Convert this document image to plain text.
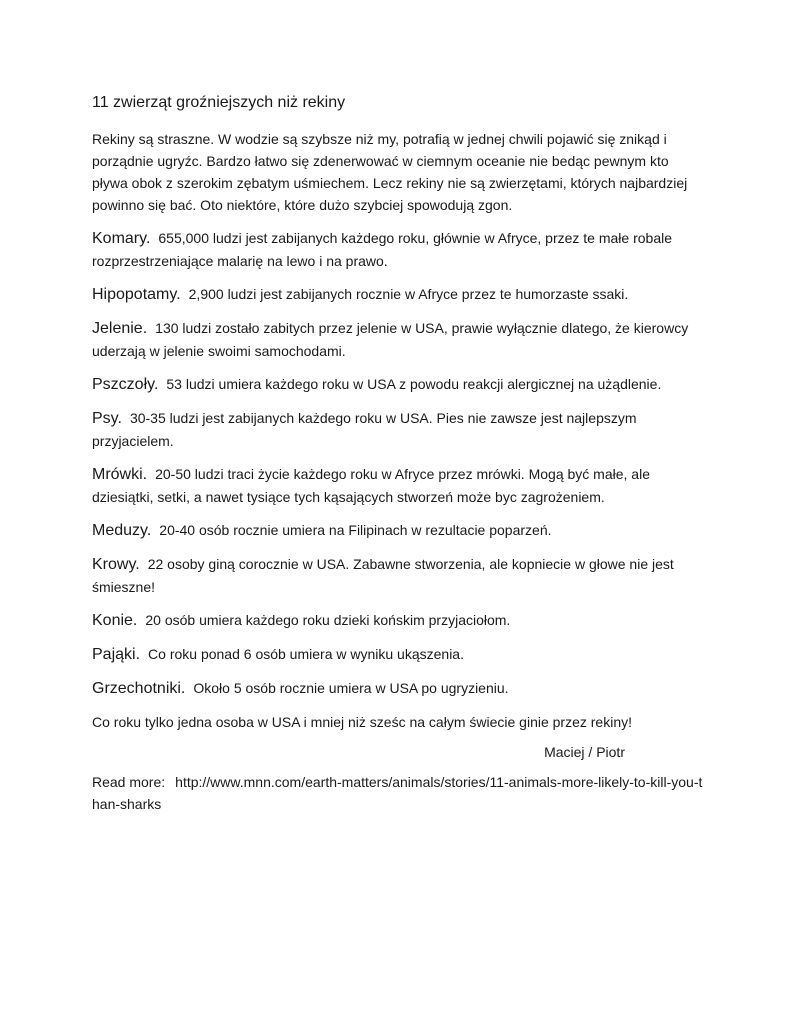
11 zwierząt groźniejszych niż rekiny

Rekiny są straszne. W wodzie są szybsze niż my, potrafią w jednej chwili pojawić się znikąd i porządnie ugryźc. Bardzo łatwo się zdenerwować w ciemnym oceanie nie bedąc pewnym kto pływa obok z szerokim zębatym uśmiechem. Lecz rekiny nie są zwierzętami, których najbardziej powinno się bać. Oto niektóre, które dużo szybciej spowodują zgon.

Komary. 655,000 ludzi jest zabijanych każdego roku, głównie w Afryce, przez te małe robale rozprzestrzeniające malarię na lewo i na prawo.

Hipopotamy. 2,900 ludzi jest zabijanych rocznie w Afryce przez te humorzaste ssaki.

Jelenie. 130 ludzi zostało zabitych przez jelenie w USA, prawie wyłącznie dlatego, że kierowcy uderzają w jelenie swoimi samochodami.

Pszczoły. 53 ludzi umiera każdego roku w USA z powodu reakcji alergicznej na użądlenie.

Psy. 30-35 ludzi jest zabijanych każdego roku w USA. Pies nie zawsze jest najlepszym przyjacielem.

Mrówki. 20-50 ludzi traci życie każdego roku w Afryce przez mrówki. Mogą być małe, ale dziesiątki, setki, a nawet tysiące tych kąsających stworzeń może byc zagrożeniem.

Meduzy. 20-40 osób rocznie umiera na Filipinach w rezultacie poparzeń.

Krowy. 22 osoby giną corocznie w USA. Zabawne stworzenia, ale kopniecie w głowe nie jest śmieszne!

Konie. 20 osób umiera każdego roku dzieki końskim przyjaciołom.

Pająki. Co roku ponad 6 osób umiera w wyniku ukąszenia.

Grzechotniki. Około 5 osób rocznie umiera w USA po ugryzieniu.

Co roku tylko jedna osoba w USA i mniej niż sześc na całym świecie ginie przez rekiny!

Maciej / Piotr

Read more: http://www.mnn.com/earth-matters/animals/stories/11-animals-more-likely-to-kill-you-than-sharks
